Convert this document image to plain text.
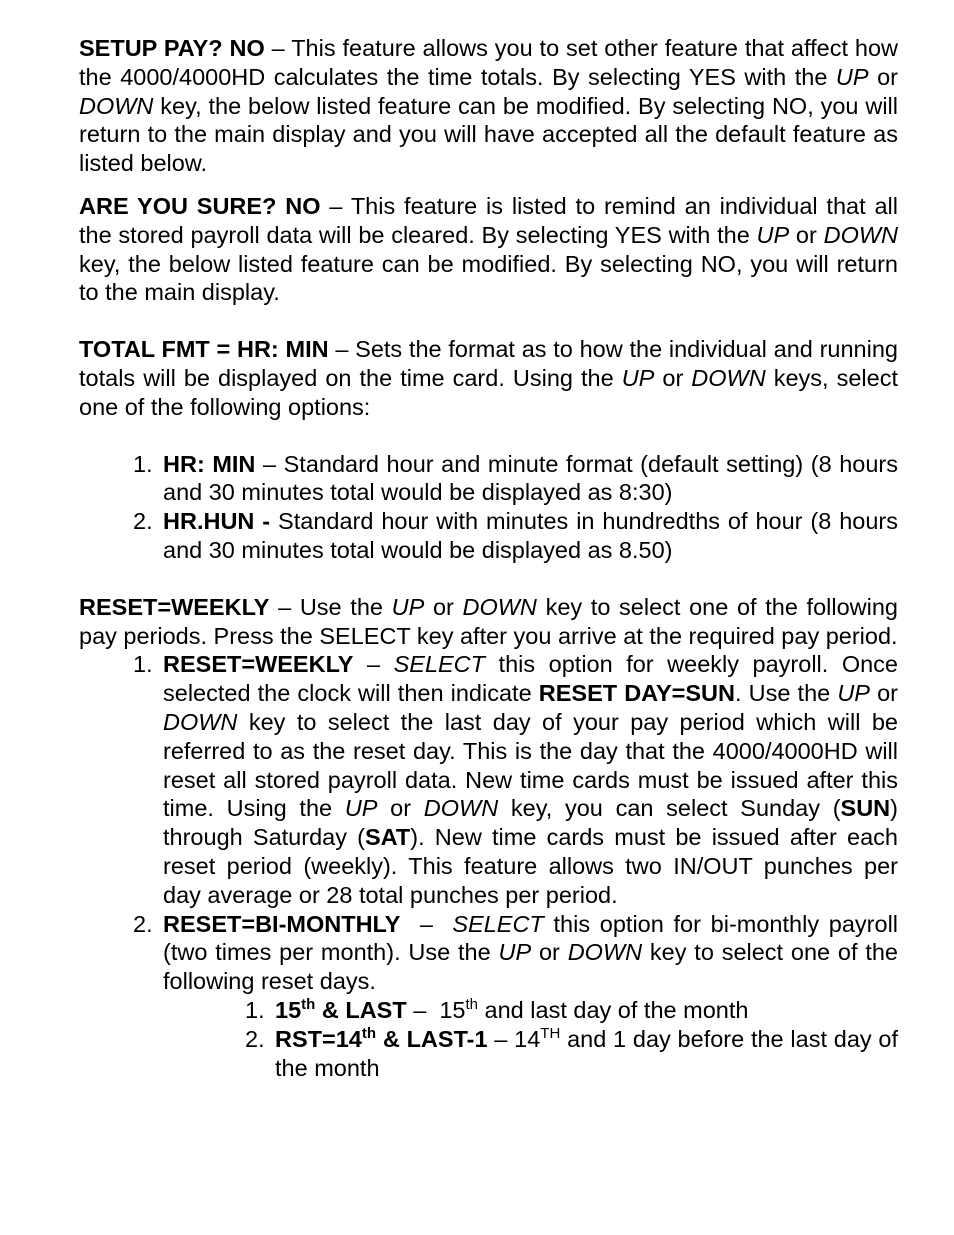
SETUP PAY? NO – This feature allows you to set other feature that affect how the 4000/4000HD calculates the time totals. By selecting YES with the UP or DOWN key, the below listed feature can be modified. By selecting NO, you will return to the main display and you will have accepted all the default feature as listed below.

ARE YOU SURE? NO – This feature is listed to remind an individual that all the stored payroll data will be cleared. By selecting YES with the UP or DOWN key, the below listed feature can be modified. By selecting NO, you will return to the main display.

TOTAL FMT = HR: MIN – Sets the format as to how the individual and running totals will be displayed on the time card. Using the UP or DOWN keys, select one of the following options:

1. HR: MIN – Standard hour and minute format (default setting) (8 hours and 30 minutes total would be displayed as 8:30)
2. HR.HUN - Standard hour with minutes in hundredths of hour (8 hours and 30 minutes total would be displayed as 8.50)

RESET=WEEKLY – Use the UP or DOWN key to select one of the following pay periods. Press the SELECT key after you arrive at the required pay period.

1. RESET=WEEKLY – SELECT this option for weekly payroll. Once selected the clock will then indicate RESET DAY=SUN. Use the UP or DOWN key to select the last day of your pay period which will be referred to as the reset day. This is the day that the 4000/4000HD will reset all stored payroll data. New time cards must be issued after this time. Using the UP or DOWN key, you can select Sunday (SUN) through Saturday (SAT). New time cards must be issued after each reset period (weekly). This feature allows two IN/OUT punches per day average or 28 total punches per period.
2. RESET=BI-MONTHLY  –  SELECT this option for bi-monthly payroll (two times per month). Use the UP or DOWN key to select one of the following reset days.
1. 15th & LAST –  15th and last day of the month
2. RST=14th & LAST-1 – 14TH and 1 day before the last day of the month
